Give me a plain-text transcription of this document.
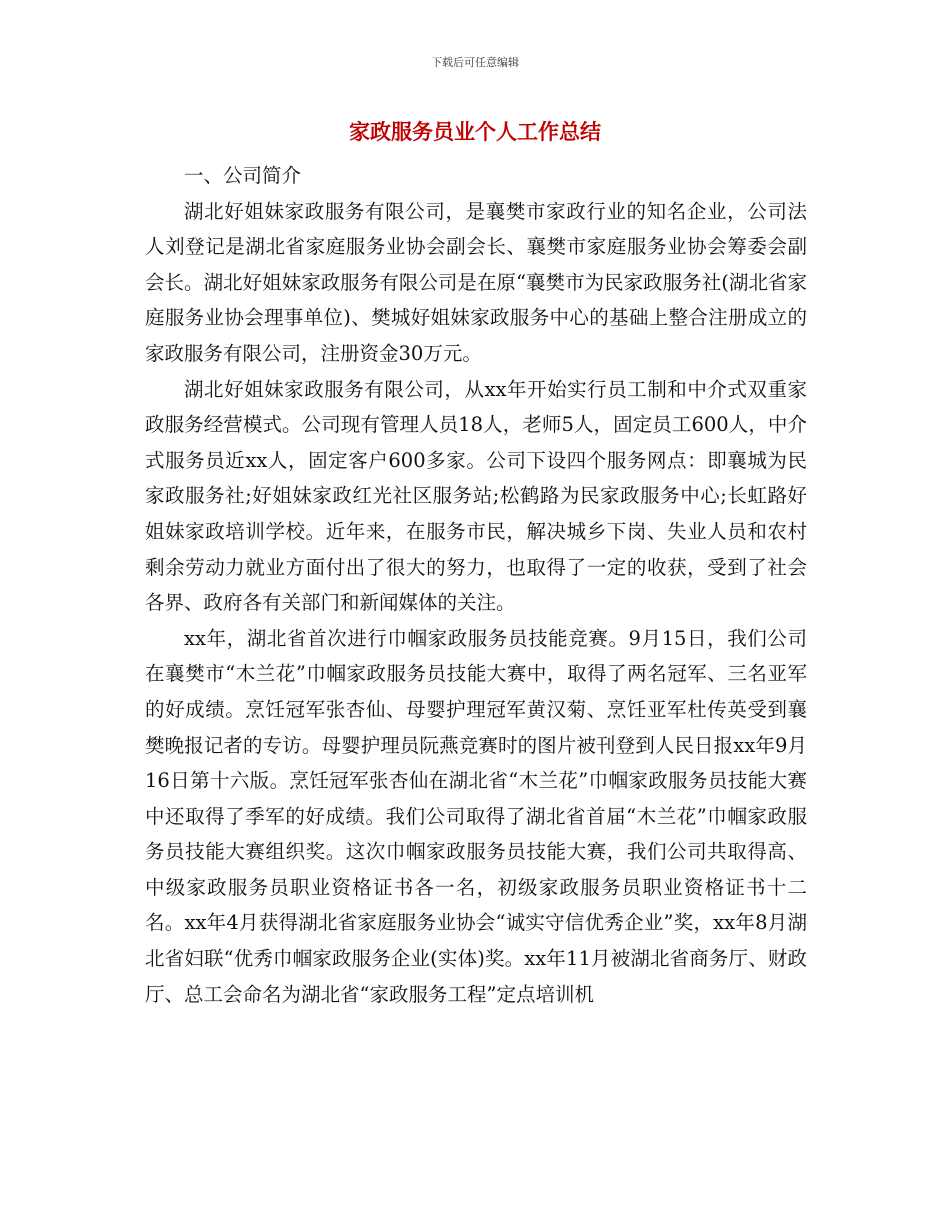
下载后可任意编辑
家政服务员业个人工作总结

一、公司简介

湖北好姐妹家政服务有限公司，是襄樊市家政行业的知名企业，公司法人刘登记是湖北省家庭服务业协会副会长、襄樊市家庭服务业协会筹委会副会长。湖北好姐妹家政服务有限公司是在原“襄樊市为民家政服务社(湖北省家庭服务业协会理事单位)、樊城好姐妹家政服务中心的基础上整合注册成立的家政服务有限公司，注册资金30万元。

湖北好姐妹家政服务有限公司，从xx年开始实行员工制和中介式双重家政服务经营模式。公司现有管理人员18人，老师5人，固定员工600人，中介式服务员近xx人，固定客户600多家。公司下设四个服务网点：即襄城为民家政服务社;好姐妹家政红光社区服务站;松鹤路为民家政服务中心;长虹路好姐妹家政培训学校。近年来，在服务市民，解决城乡下岗、失业人员和农村剩余劳动力就业方面付出了很大的努力，也取得了一定的收获，受到了社会各界、政府各有关部门和新闻媒体的关注。

xx年，湖北省首次进行巾帼家政服务员技能竞赛。9月15日，我们公司在襄樊市“木兰花”巾帼家政服务员技能大赛中，取得了两名冠军、三名亚军的好成绩。烹饪冠军张杏仙、母婴护理冠军黄汉菊、烹饪亚军杜传英受到襄樊晚报记者的专访。母婴护理员阮燕竞赛时的图片被刊登到人民日报xx年9月16日第十六版。烹饪冠军张杏仙在湖北省“木兰花”巾帼家政服务员技能大赛中还取得了季军的好成绩。我们公司取得了湖北省首届“木兰花”巾帼家政服务员技能大赛组织奖。这次巾帼家政服务员技能大赛，我们公司共取得高、中级家政服务员职业资格证书各一名，初级家政服务员职业资格证书十二名。xx年4月获得湖北省家庭服务业协会“诚实守信优秀企业”奖，xx年8月湖北省妇联“优秀巾帼家政服务企业(实体)奖。xx年11月被湖北省商务厅、财政厅、总工会命名为湖北省“家政服务工程”定点培训机
